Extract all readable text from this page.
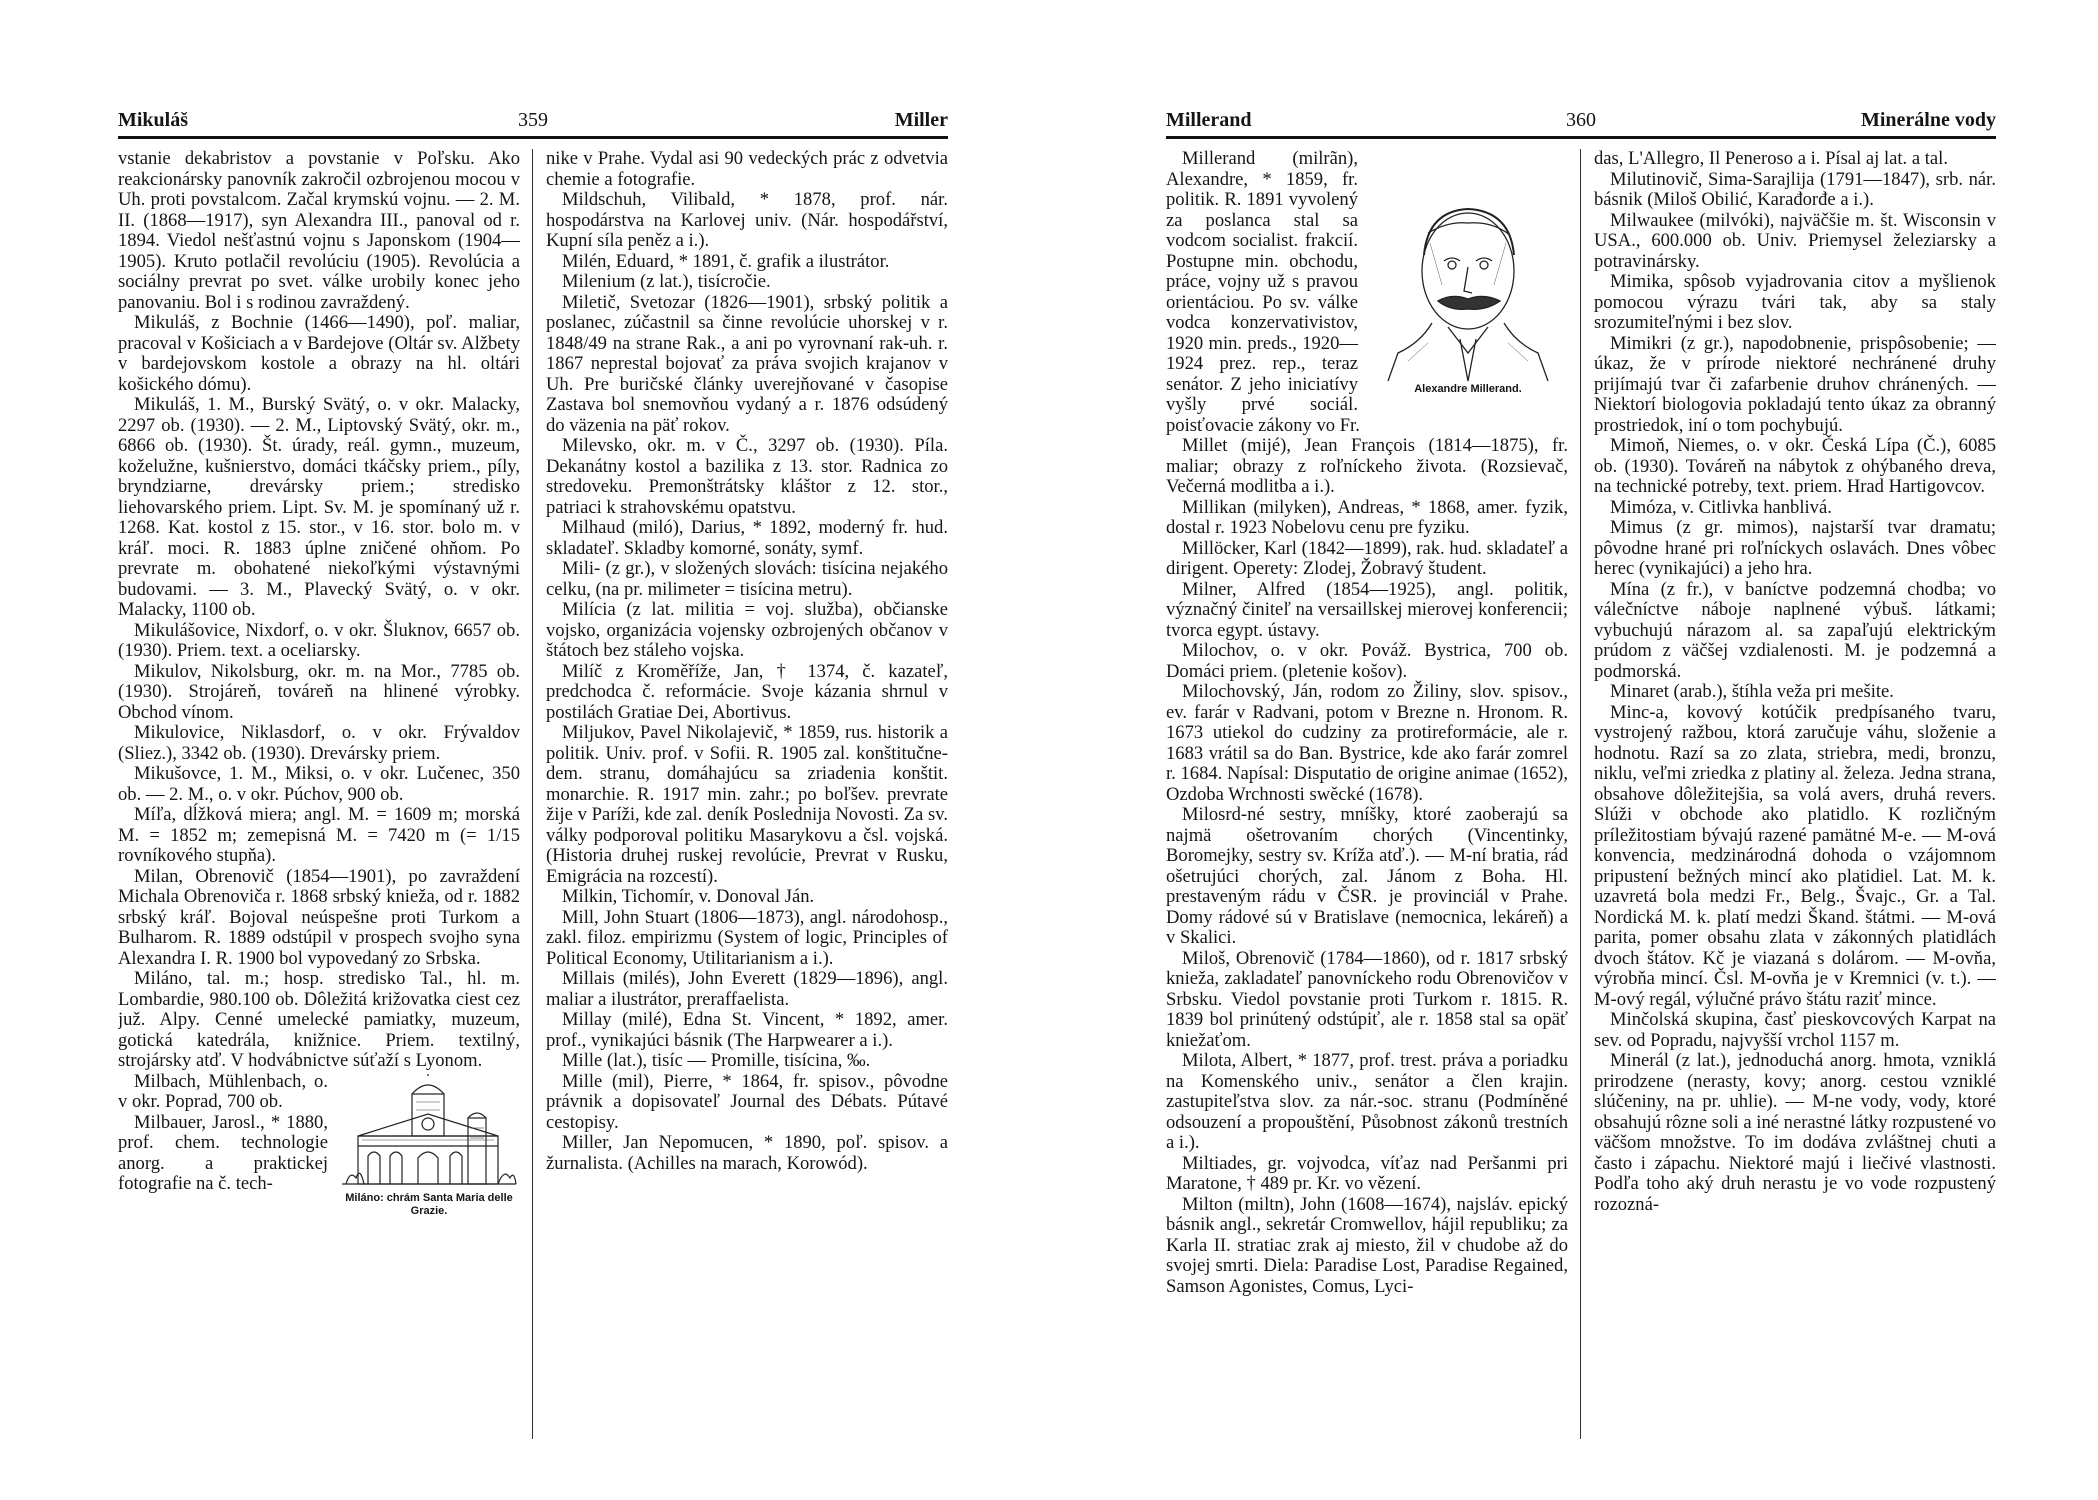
Mikuláš	359	Miller

vstanie dekabristov a povstanie v Poľsku. Ako reakcionársky panovník zakročil ozbrojenou mocou v Uh. proti povstalcom. Začal krymskú vojnu. — 2. M. II. (1868—1917), syn Alexandra III., panoval od r. 1894. Viedol nešťastnú vojnu s Japonskom (1904—1905). Kruto potlačil revolúciu (1905). Revolúcia a sociálny prevrat po svet. válke urobily konec jeho panovaniu. Bol i s rodinou zavraždený.

Mikuláš, z Bochnie (1466—1490), poľ. maliar, pracoval v Košiciach a v Bardejove (Oltár sv. Alžbety v bardejovskom kostole a obrazy na hl. oltári košického dómu).

Mikuláš, 1. M., Burský Svätý, o. v okr. Malacky, 2297 ob. (1930). — 2. M., Liptovský Svätý, okr. m., 6866 ob. (1930). Št. úrady, reál. gymn., muzeum, koželužne, kušnierstvo, domáci tkáčsky priem., píly, bryndziarne, drevársky priem.; stredisko liehovarského priem. Lipt. Sv. M. je spomínaný už r. 1268. Kat. kostol z 15. stor., v 16. stor. bolo m. v kráľ. moci. R. 1883 úplne zničené ohňom. Po prevrate m. obohatené niekoľkými výstavnými budovami. — 3. M., Plavecký Svätý, o. v okr. Malacky, 1100 ob.

Mikulášovice, Nixdorf, o. v okr. Šluknov, 6657 ob. (1930). Priem. text. a oceliarsky.

Mikulov, Nikolsburg, okr. m. na Mor., 7785 ob. (1930). Strojáreň, továreň na hlinené výrobky. Obchod vínom.

Mikulovice, Niklasdorf, o. v okr. Frývaldov (Sliez.), 3342 ob. (1930). Drevársky priem.

Mikušovce, 1. M., Miksi, o. v okr. Lučenec, 350 ob. — 2. M., o. v okr. Púchov, 900 ob.

Míľa, dĺžková miera; angl. M. = 1609 m; morská M. = 1852 m; zemepisná M. = 7420 m (= 1/15 rovníkového stupňa).

Milan, Obrenovič (1854—1901), po zavraždení Michala Obrenoviča r. 1868 srbský knieža, od r. 1882 srbský kráľ. Bojoval neúspešne proti Turkom a Bulharom. R. 1889 odstúpil v prospech svojho syna Alexandra I. R. 1900 bol vypovedaný zo Srbska.

Miláno, tal. m.; hosp. stredisko Tal., hl. m. Lombardie, 980.100 ob. Dôležitá križovatka ciest cez juž. Alpy. Cenné umelecké pamiatky, muzeum, gotická katedrála, knižnice. Priem. textilný, strojársky atď. V hodvábnictve súťaží s Lyonom.

Miláno: chrám Santa Maria delle Grazie.

Milbach, Mühlenbach, o. v okr. Poprad, 700 ob.

Milbauer, Jarosl., * 1880, prof. chem. technologie anorg. a praktickej fotografie na č. tech-

nike v Prahe. Vydal asi 90 vedeckých prác z odvetvia chemie a fotografie.

Mildschuh, Vilibald, * 1878, prof. nár. hospodárstva na Karlovej univ. (Nár. hospodářství, Kupní síla peněz a i.).

Milén, Eduard, * 1891, č. grafik a ilustrátor.

Milenium (z lat.), tisícročie.

Miletič, Svetozar (1826—1901), srbský politik a poslanec, zúčastnil sa činne revolúcie uhorskej v r. 1848/49 na strane Rak., a ani po vyrovnaní rak-uh. r. 1867 neprestal bojovať za práva svojich krajanov v Uh. Pre buričské články uverejňované v časopise Zastava bol snemovňou vydaný a r. 1876 odsúdený do väzenia na päť rokov.

Milevsko, okr. m. v Č., 3297 ob. (1930). Píla. Dekanátny kostol a bazilika z 13. stor. Radnica zo stredoveku. Premonštrátsky kláštor z 12. stor., patriaci k strahovskému opatstvu.

Milhaud (miló), Darius, * 1892, moderný fr. hud. skladateľ. Skladby komorné, sonáty, symf.

Mili- (z gr.), v složených slovách: tisícina nejakého celku, (na pr. milimeter = tisícina metru).

Milícia (z lat. militia = voj. služba), občianske vojsko, organizácia vojensky ozbrojených občanov v štátoch bez stáleho vojska.

Milíč z Kroměříže, Jan, † 1374, č. kazateľ, predchodca č. reformácie. Svoje kázania shrnul v postilách Gratiae Dei, Abortivus.

Miljukov, Pavel Nikolajevič, * 1859, rus. historik a politik. Univ. prof. v Sofii. R. 1905 zal. konštitučne-dem. stranu, domáhajúcu sa zriadenia konštit. monarchie. R. 1917 min. zahr.; po boľšev. prevrate žije v Paríži, kde zal. deník Poslednija Novosti. Za sv. války podporoval politiku Masarykovu a čsl. vojská. (Historia druhej ruskej revolúcie, Prevrat v Rusku, Emigrácia na rozcestí).

Milkin, Tichomír, v. Donoval Ján.

Mill, John Stuart (1806—1873), angl. národohosp., zakl. filoz. empirizmu (System of logic, Principles of Political Economy, Utilitarianism a i.).

Millais (milés), John Everett (1829—1896), angl. maliar a ilustrátor, preraffaelista.

Millay (milé), Edna St. Vincent, * 1892, amer. prof., vynikajúci básnik (The Harpwearer a i.).

Mille (lat.), tisíc — Promille, tisícina, ‰.

Mille (mil), Pierre, * 1864, fr. spisov., pôvodne právnik a dopisovateľ Journal des Débats. Pútavé cestopisy.

Miller, Jan Nepomucen, * 1890, poľ. spisov. a žurnalista. (Achilles na marach, Korowód).

Millerand	360	Minerálne vody
Alexandre Millerand.

Millerand (milrãn), Alexandre, * 1859, fr. politik. R. 1891 vyvolený za poslanca stal sa vodcom socialist. frakcií. Postupne min. obchodu, práce, vojny už s pravou orientáciou. Po sv. válke vodca konzervativistov, 1920 min. preds., 1920—1924 prez. rep., teraz senátor. Z jeho iniciatívy vyšly prvé sociál. poisťovacie zákony vo Fr.

Millet (mijé), Jean François (1814—1875), fr. maliar; obrazy z roľníckeho života. (Rozsievač, Večerná modlitba a i.).

Millikan (milyken), Andreas, * 1868, amer. fyzik, dostal r. 1923 Nobelovu cenu pre fyziku.

Millöcker, Karl (1842—1899), rak. hud. skladateľ a dirigent. Operety: Zlodej, Žobravý študent.

Milner, Alfred (1854—1925), angl. politik, význačný činiteľ na versaillskej mierovej konferencii; tvorca egypt. ústavy.

Milochov, o. v okr. Pováž. Bystrica, 700 ob. Domáci priem. (pletenie košov).

Milochovský, Ján, rodom zo Žiliny, slov. spisov., ev. farár v Radvani, potom v Brezne n. Hronom. R. 1673 utiekol do cudziny za protireformácie, ale r. 1683 vrátil sa do Ban. Bystrice, kde ako farár zomrel r. 1684. Napísal: Disputatio de origine animae (1652), Ozdoba Wrchnosti swěcké (1678).

Milosrd-né sestry, mníšky, ktoré zaoberajú sa najmä ošetrovaním chorých (Vincentinky, Boromejky, sestry sv. Kríža atď.). — M-ní bratia, rád ošetrujúci chorých, zal. Jánom z Boha. Hl. prestaveným rádu v ČSR. je provinciál v Prahe. Domy rádové sú v Bratislave (nemocnica, lekáreň) a v Skalici.

Miloš, Obrenovič (1784—1860), od r. 1817 srbský knieža, zakladateľ panovníckeho rodu Obrenovičov v Srbsku. Viedol povstanie proti Turkom r. 1815. R. 1839 bol prinútený odstúpiť, ale r. 1858 stal sa opäť kniežaťom.

Milota, Albert, * 1877, prof. trest. práva a poriadku na Komenského univ., senátor a člen krajin. zastupiteľstva slov. za nár.-soc. stranu (Podmíněné odsouzení a propouštění, Působnost zákonů trestních a i.).

Miltiades, gr. vojvodca, víťaz nad Peršanmi pri Maratone, † 489 pr. Kr. vo vězení.

Milton (miltn), John (1608—1674), najsláv. epický básnik angl., sekretár Cromwellov, hájil republiku; za Karla II. stratiac zrak aj miesto, žil v chudobe až do svojej smrti. Diela: Paradise Lost, Paradise Regained, Samson Agonistes, Comus, Lyci-

das, L'Allegro, Il Peneroso a i. Písal aj lat. a tal.

Milutinovič, Sima-Sarajlija (1791—1847), srb. nár. básnik (Miloš Obilić, Karađorđe a i.).

Milwaukee (milvóki), najväčšie m. št. Wisconsin v USA., 600.000 ob. Univ. Priemysel železiarsky a potravinársky.

Mimika, spôsob vyjadrovania citov a myšlienok pomocou výrazu tvári tak, aby sa staly srozumiteľnými i bez slov.

Mimikri (z gr.), napodobnenie, prispôsobenie; — úkaz, že v prírode niektoré nechránené druhy prijímajú tvar či zafarbenie druhov chránených. — Niektorí biologovia pokladajú tento úkaz za obranný prostriedok, iní o tom pochybujú.

Mimoň, Niemes, o. v okr. Česká Lípa (Č.), 6085 ob. (1930). Továreň na nábytok z ohýbaného dreva, na technické potreby, text. priem. Hrad Hartigovcov.

Mimóza, v. Citlivka hanblivá.

Mimus (z gr. mimos), najstarší tvar dramatu; pôvodne hrané pri roľníckych oslavách. Dnes vôbec herec (vynikajúci) a jeho hra.

Mína (z fr.), v baníctve podzemná chodba; vo válečníctve náboje naplnené výbuš. látkami; vybuchujú nárazom al. sa zapaľujú elektrickým prúdom z väčšej vzdialenosti. M. je podzemná a podmorská.

Minaret (arab.), štíhla veža pri mešite.

Minc-a, kovový kotúčik predpísaného tvaru, vystrojený ražbou, ktorá zaručuje váhu, složenie a hodnotu. Razí sa zo zlata, striebra, medi, bronzu, niklu, veľmi zriedka z platiny al. železa. Jedna strana, obsahove dôležitejšia, sa volá avers, druhá revers. Slúži v obchode ako platidlo. K rozličným príležitostiam bývajú razené pamätné M-e. — M-ová konvencia, medzinárodná dohoda o vzájomnom pripustení bežných mincí ako platidiel. Lat. M. k. uzavretá bola medzi Fr., Belg., Švajc., Gr. a Tal. Nordická M. k. platí medzi Škand. štátmi. — M-ová parita, pomer obsahu zlata v zákonných platidlách dvoch štátov. Kč je viazaná s dolárom. — M-ovňa, výrobňa mincí. Čsl. M-ovňa je v Kremnici (v. t.). — M-ový regál, výlučné právo štátu raziť mince.

Minčolská skupina, časť pieskovcových Karpat na sev. od Popradu, najvyšší vrchol 1157 m.

Minerál (z lat.), jednoduchá anorg. hmota, vzniklá prirodzene (nerasty, kovy; anorg. cestou vzniklé slúčeniny, na pr. uhlie). — M-ne vody, vody, ktoré obsahujú rôzne soli a iné nerastné látky rozpustené vo väčšom množstve. To im dodáva zvláštnej chuti a často i zápachu. Niektoré majú i liečivé vlastnosti. Podľa toho aký druh nerastu je vo vode rozpustený rozozná-
